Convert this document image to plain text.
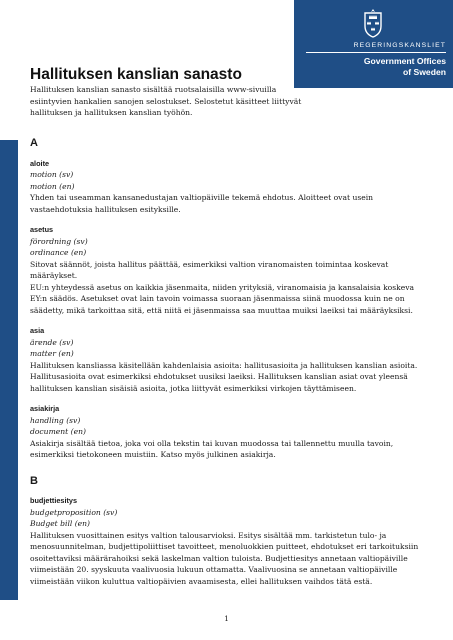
REGERINGSKANSLIET
Government Offices of Sweden
Hallituksen kanslian sanasto
Hallituksen kanslian sanasto sisältää ruotsalaisilla www-sivuilla esiintyvien hankalien sanojen selostukset. Selostetut käsitteet liittyvät hallituksen ja hallituksen kanslian työhön.
A

aloite

motion (sv)

motion (en)

Yhden tai useamman kansanedustajan valtiopäiville tekemä ehdotus. Aloitteet ovat usein vastaehdotuksia hallituksen esityksille.

asetus

förordning (sv)

ordinance (en)

Sitovat säännöt, joista hallitus päättää, esimerkiksi valtion viranomaisten toimintaa koskevat määräykset.

EU:n yhteydessä asetus on kaikkia jäsenmaita, niiden yrityksiä, viranomaisia ja kansalaisia koskeva EY:n säädös. Asetukset ovat lain tavoin voimassa suoraan jäsenmaissa siinä muodossa kuin ne on säädetty, mikä tarkoittaa sitä, että niitä ei jäsenmaissa saa muuttaa muiksi laeiksi tai määräyksiksi.

asia

ärende (sv)

matter (en)

Hallituksen kansliassa käsitellään kahdenlaisia asioita: hallitusasioita ja hallituksen kanslian asioita. Hallitusasioita ovat esimerkiksi ehdotukset uusiksi laeiksi. Hallituksen kanslian asiat ovat yleensä hallituksen kanslian sisäisiä asioita, jotka liittyvät esimerkiksi virkojen täyttämiseen.

asiakirja

handling (sv)

document (en)

Asiakirja sisältää tietoa, joka voi olla tekstin tai kuvan muodossa tai tallennettu muulla tavoin, esimerkiksi tietokoneen muistiin. Katso myös julkinen asiakirja.

B

budjettiesitys

budgetproposition (sv)

Budget bill (en)

Hallituksen vuosittainen esitys valtion talousarvioksi. Esitys sisältää mm. tarkistetun tulo- ja menosuunnitelman, budjettipoliittiset tavoitteet, menoluokkien puitteet, ehdotukset eri tarkoituksiin osoitettaviksi määrärahoiksi sekä laskelman valtion tuloista. Budjettiesitys annetaan valtiopäiville viimeistään 20. syyskuuta vaalivuosia lukuun ottamatta. Vaalivuosina se annetaan valtiopäiville viimeistään viikon kuluttua valtiopäivien avaamisesta, ellei hallituksen vaihdos tätä estä.

1
